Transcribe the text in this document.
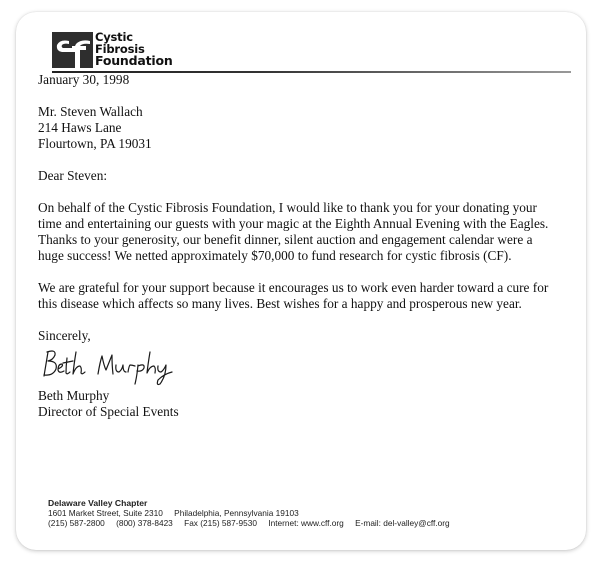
Cystic
Fibrosis
Foundation

January 30, 1998

Mr. Steven Wallach

214 Haws Lane

Flourtown, PA 19031

Dear Steven:

On behalf of the Cystic Fibrosis Foundation, I would like to thank you for your donating your

time and entertaining our guests with your magic at the Eighth Annual Evening with the Eagles.

Thanks to your generosity, our benefit dinner, silent auction and engagement calendar were a

huge success! We netted approximately $70,000 to fund research for cystic fibrosis (CF).

We are grateful for your support because it encourages us to work even harder toward a cure for

this disease which affects so many lives. Best wishes for a happy and prosperous new year.

Sincerely,

Beth Murphy

Director of Special Events

Delaware Valley Chapter
1601 Market Street, Suite 2310 Philadelphia, Pennsylvania 19103
(215) 587-2800 (800) 378-8423 Fax (215) 587-9530 Internet: www.cff.org E-mail: del-valley@cff.org
